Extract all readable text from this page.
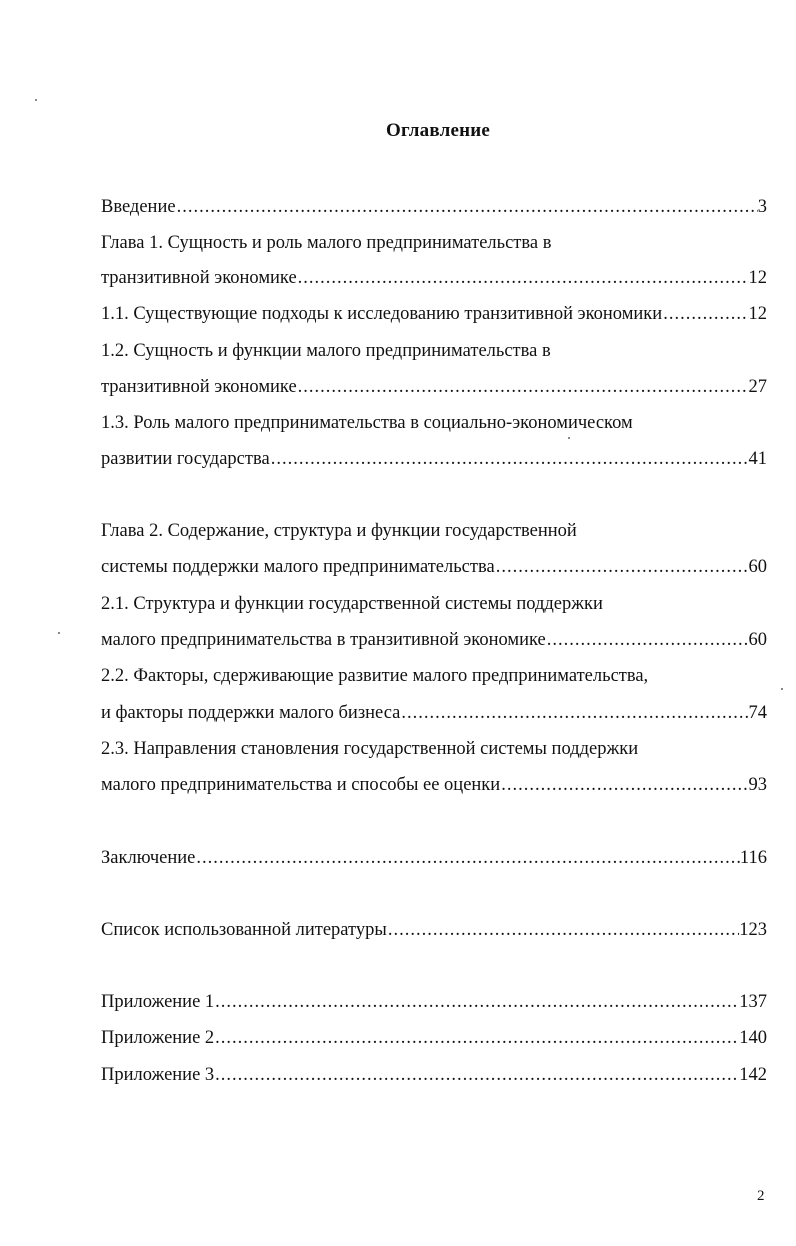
Оглавление
Введение .....	3
Глава 1. Сущность и роль малого предпринимательства в
транзитивной экономике .....	12
1.1. Существующие подходы к исследованию транзитивной экономики .....	12
1.2. Сущность и функции малого предпринимательства в
транзитивной экономике .....	27
1.3. Роль малого предпринимательства в социально-экономическом
развитии государства .....	41
Глава 2. Содержание, структура и функции государственной
системы поддержки малого предпринимательства .....	60
2.1. Структура и функции государственной системы поддержки
малого предпринимательства в транзитивной экономике .....	60
2.2. Факторы, сдерживающие развитие малого предпринимательства,
и факторы поддержки малого бизнеса .....	74
2.3. Направления становления государственной системы поддержки
малого предпринимательства и способы ее оценки .....	93
Заключение .....	116
Список использованной литературы .....	123
Приложение 1 .....	137
Приложение 2 .....	140
Приложение 3 .....	142
2
